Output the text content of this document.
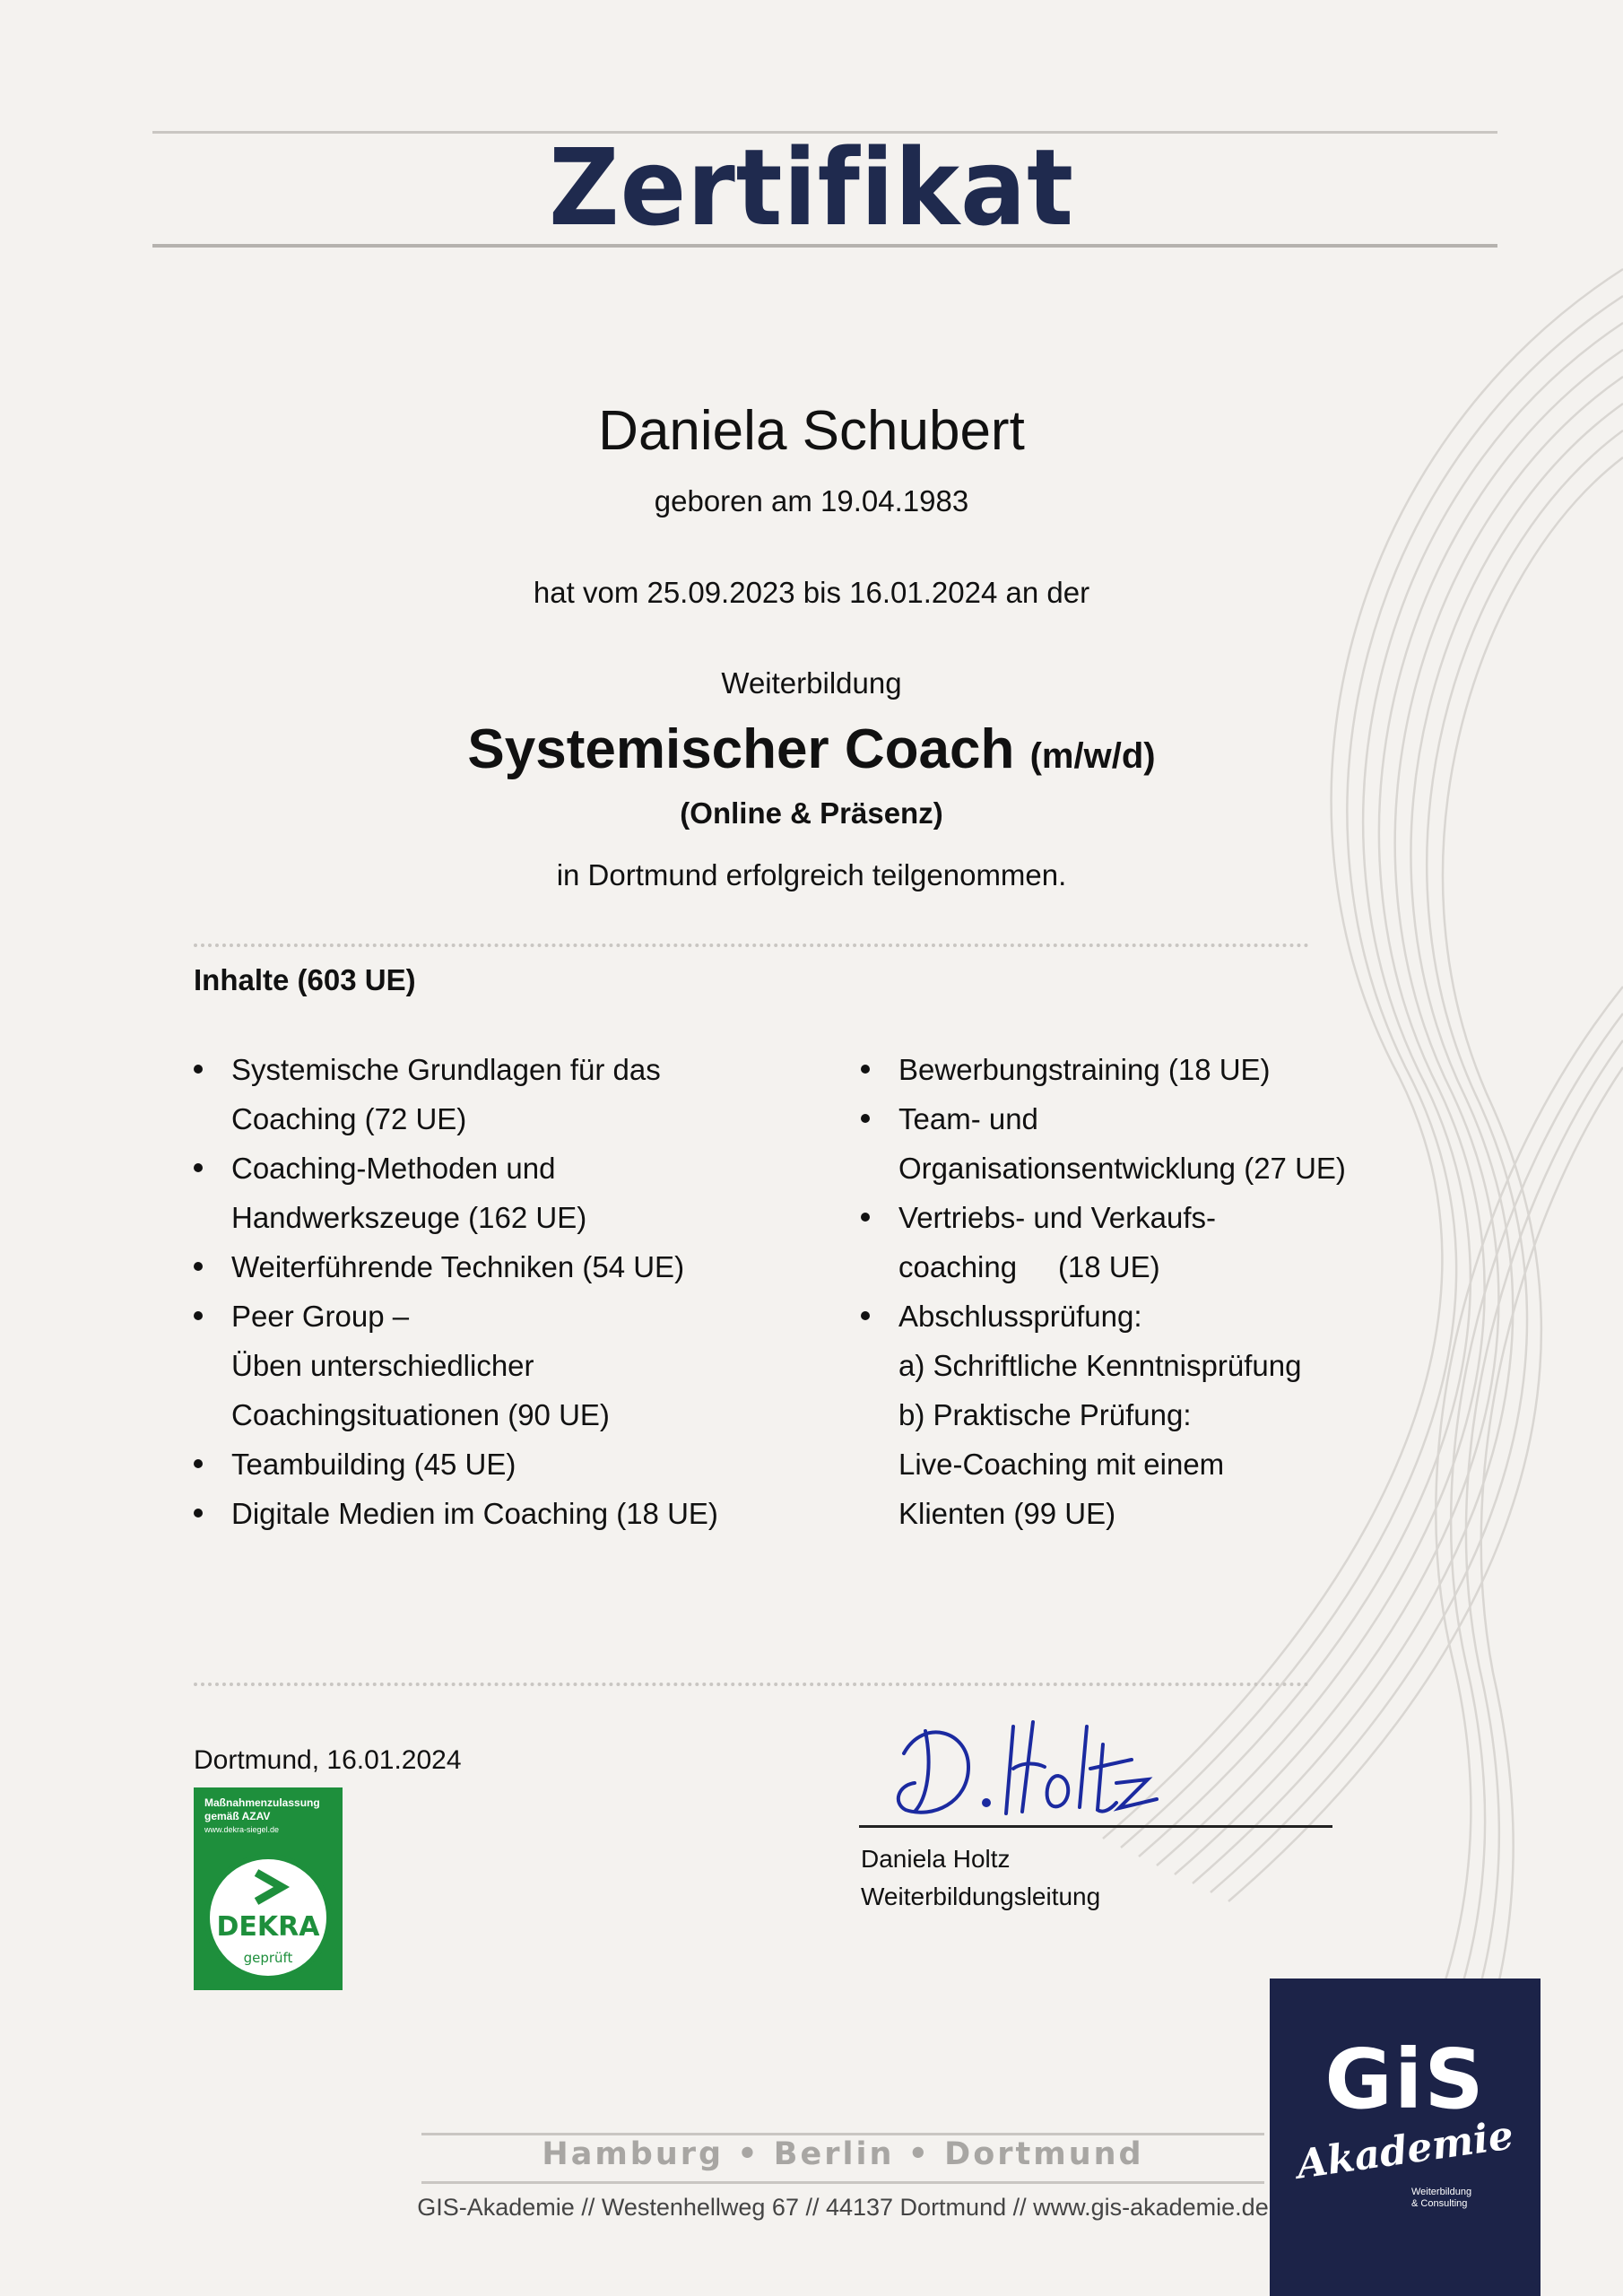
Zertifikat
Daniela Schubert
geboren am 19.04.1983
hat vom 25.09.2023 bis 16.01.2024 an der
Weiterbildung
Systemischer Coach (m/w/d)
(Online & Präsenz)
in Dortmund erfolgreich teilgenommen.
Inhalte (603 UE)
Systemische Grundlagen für das
Coaching (72 UE)
Coaching-Methoden und
Handwerkszeuge (162 UE)
Weiterführende Techniken (54 UE)
Peer Group –
Üben unterschiedlicher
Coachingsituationen (90 UE)
Teambuilding (45 UE)
Digitale Medien im Coaching (18 UE)
Bewerbungstraining (18 UE)
Team- und
Organisationsentwicklung (27 UE)
Vertriebs- und Verkaufs-
coaching     (18 UE)
Abschlussprüfung:
a) Schriftliche Kenntnisprüfung
b) Praktische Prüfung:
Live-Coaching mit einem
Klienten (99 UE)
Dortmund, 16.01.2024
Maßnahmenzulassung
gemäß AZAV
www.dekra-siegel.de
DEKRA
geprüft
Daniela Holtz
Weiterbildungsleitung
Hamburg • Berlin • Dortmund
GIS-Akademie // Westenhellweg 67 // 44137 Dortmund // www.gis-akademie.de
GiS
Akademie
Weiterbildung
& Consulting
